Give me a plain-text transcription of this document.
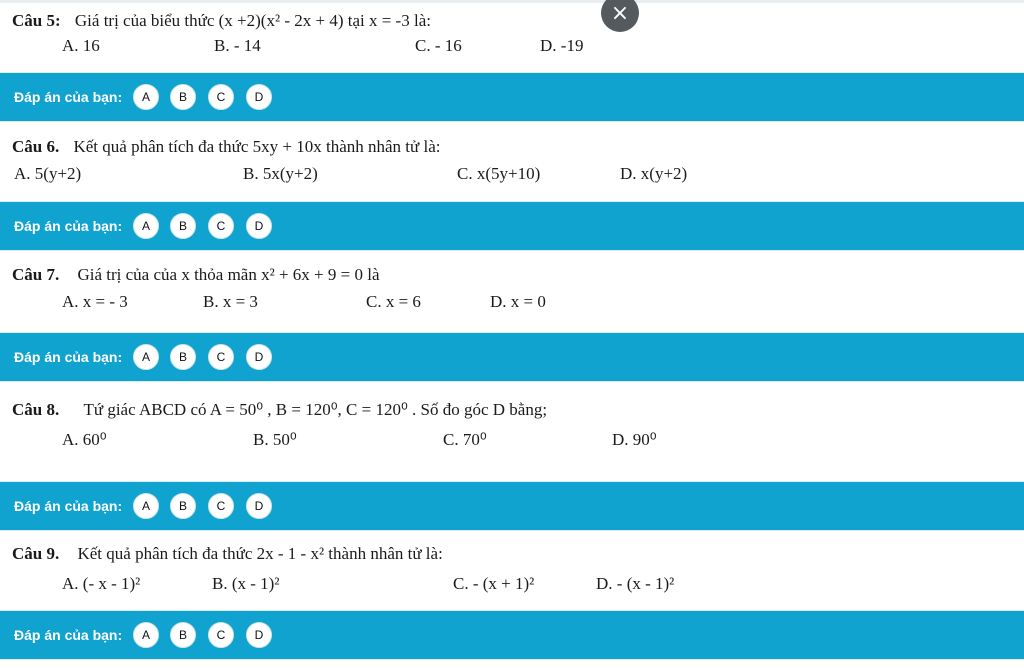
Câu 5: Giá trị của biểu thức (x +2)(x² - 2x + 4) tại x = -3 là:
A. 16	B. - 14	C. - 16	D. -19
×
Đáp án của bạn:	A	B	C	D
Câu 6. Kết quả phân tích đa thức 5xy + 10x thành nhân tử là:
A. 5(y+2)	B. 5x(y+2)	C. x(5y+10)	D. x(y+2)
Đáp án của bạn:	A	B	C	D
Câu 7. Giá trị của của x thỏa mãn x² + 6x + 9 = 0 là
A. x = - 3	B. x = 3	C. x = 6	D. x = 0
Đáp án của bạn:	A	B	C	D
Câu 8. Tứ giác ABCD có A = 50⁰ , B = 120⁰, C = 120⁰ . Số đo góc D bằng;
A. 60⁰	B. 50⁰	C. 70⁰	D. 90⁰
Đáp án của bạn:	A	B	C	D
Câu 9. Kết quả phân tích đa thức 2x - 1 - x² thành nhân tử là:
A. (- x - 1)²	B. (x - 1)²	C. - (x + 1)²	D. - (x - 1)²
Đáp án của bạn:	A	B	C	D
